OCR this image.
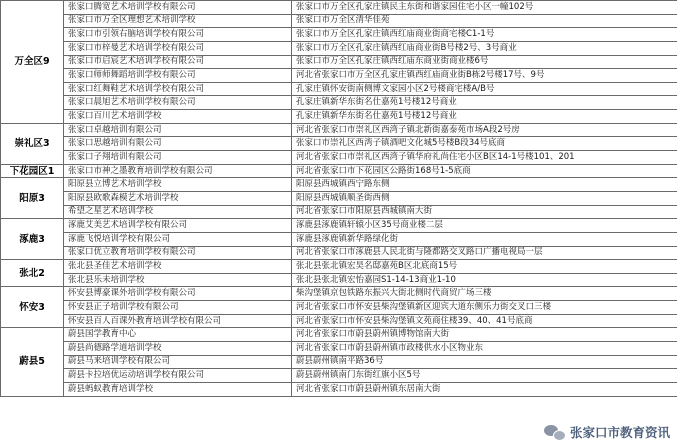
万全区9	张家口腾宽艺术培训学校有限公司	张家口市万全区孔家庄镇民主东街和谐家园住宅小区一幢102号
	张家口市万全区理想艺术培训学校	张家口市万全区清华佳苑
	张家口市引领右脑培训学校有限公司	张家口市万全区孔家庄镇西红庙商业街商宅楼C1-1号
	张家口市梓曼艺术培训学校有限公司	张家口市万全区孔家庄镇西红庙商业街B号楼2号、3号商业
	张家口市启宸艺术培训学校有限公司	张家口市万全区孔家庄镇西红庙东商业街商业楼6号
	张家口师师舞蹈培训学校有限公司	河北省张家口市万全区孔家庄镇西红庙商业街B栋2号楼17号、9号
	张家口红舞鞋艺术培训学校有限公司	孔家庄镇怀安街南侧博文家园小区2号楼商宅楼A/B号
	张家口晨旭艺术培训学校有限公司	孔家庄镇新华东街名仕嘉苑1号楼12号商业
	张家口百川艺术培训学校	孔家庄镇新华东街名仕嘉苑1号楼12号商业
崇礼区3	张家口卓越培训有限公司	河北省张家口市崇礼区西湾子镇北新街嘉泰苑市场A段2号房
	张家口思越培训有限公司	张家口市崇礼区西湾子镇酒吧文化城5号楼B段34号底商
	张家口子翔培训有限公司	河北省张家口市崇礼区西湾子镇华府礼尚住宅小区B区14-1号楼101、201
下花园区1	张家口市神之墨教育培训学校有限公司	河北省张家口市下花园区公路街168号1-5底商
阳原3	阳原县立博艺术培训学校	阳原县西城镇西宁路东侧
	阳原县欧歌森模艺术培训学校	阳原县西城镇顺圣街西侧
	希望之星艺术培训学校	河北省张家口市阳原县西城镇南大街
涿鹿3	涿鹿艾美艺术培训学校有限公司	涿鹿县涿鹿镇轩辕小区35号商业楼二层
	涿鹿飞悦培训学校有限公司	涿鹿县涿鹿镇新华路绿化街
	张家口优立教育培训学校有限公司	河北省张家口市涿鹿县人民北街与隆都路交叉路口广播电视局一层
张北2	张北县圣佳艺术培训学校	张北县张北镇宏昊名邸嘉苑B区北底商15号
	张北县乐未培训学校	张北县张北镇宏怡嘉园S1-14-13商业1-10
怀安3	怀安县博豪课外培训学校有限公司	柴沟堡镇京包铁路东振兴大街北侧时代商贸广场三楼
	怀安县正子培训学校有限公司	河北省张家口市怀安县柴沟堡镇新区迎宾大道东侧乐力街交叉口三楼
	怀安县百人百课外教育培训学校有限公司	河北省张家口市怀安县柴沟堡镇文苑商住楼39、40、41号底商
蔚县5	蔚县国学教育中心	河北省张家口市蔚县蔚州镇博物馆南大街
	蔚县尚德路学道培训学校	河北省张家口市蔚县蔚州镇市政楼供水小区物业东
	蔚县马来培训学校有限公司	蔚县蔚州镇南平路36号
	蔚县卡拉培优运动培训学校有限公司	蔚县蔚州镇南门东街红旗小区5号
	蔚县蚂蚁教育培训学校	河北省张家口市蔚县蔚州镇东居南大街
张家口市教育资讯
